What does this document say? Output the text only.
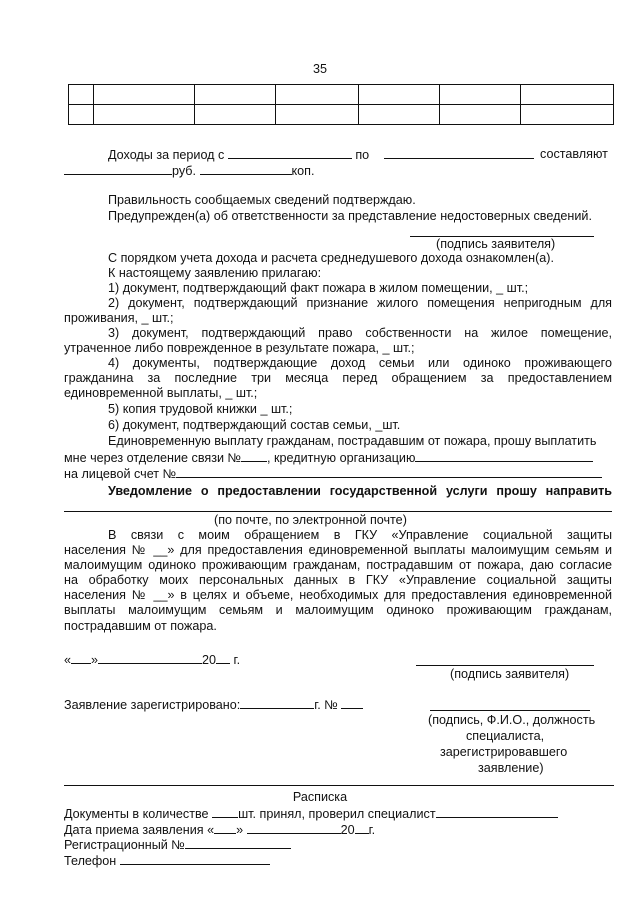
35

Доходы за период с	по	составляют
руб.	коп.
Правильность сообщаемых сведений подтверждаю.
Предупрежден(а) об ответственности за представление недостоверных сведений.
(подпись заявителя)
С порядком учета дохода и расчета среднедушевого дохода ознакомлен(а).
К настоящему заявлению прилагаю:
1) документ, подтверждающий факт пожара в жилом помещении, _ шт.;
2) документ, подтверждающий признание жилого помещения непригодным для
проживания, _ шт.;
3) документ, подтверждающий право собственности на жилое помещение,
утраченное либо поврежденное в результате пожара, _ шт.;
4) документы, подтверждающие доход семьи или одиноко проживающего
гражданина за последние три месяца перед обращением за предоставлением
единовременной выплаты, _ шт.;
5) копия трудовой книжки _ шт.;
6) документ, подтверждающий состав семьи, _шт.
Единовременную выплату гражданам, пострадавшим от пожара, прошу выплатить
мне через отделение связи № , кредитную организацию
на лицевой счет №
Уведомление о предоставлении государственной услуги прошу направить
(по почте, по электронной почте)
В связи с моим обращением в ГКУ «Управление социальной защиты
населения № __» для предоставления единовременной выплаты малоимущим семьям и
малоимущим одиноко проживающим гражданам, пострадавшим от пожара, даю согласие
на обработку моих персональных данных в ГКУ «Управление социальной защиты
населения № __» в целях и объеме, необходимых для предоставления единовременной
выплаты малоимущим семьям и малоимущим одиноко проживающим гражданам,
пострадавшим от пожара.
« »	20 г.
(подпись заявителя)
Заявление зарегистрировано:	г. №
(подпись, Ф.И.О., должность
специалиста,
зарегистрировавшего
заявление)
Расписка
Документы в количестве шт. принял, проверил специалист
Дата приема заявления « »	20 г.
Регистрационный №
Телефон
